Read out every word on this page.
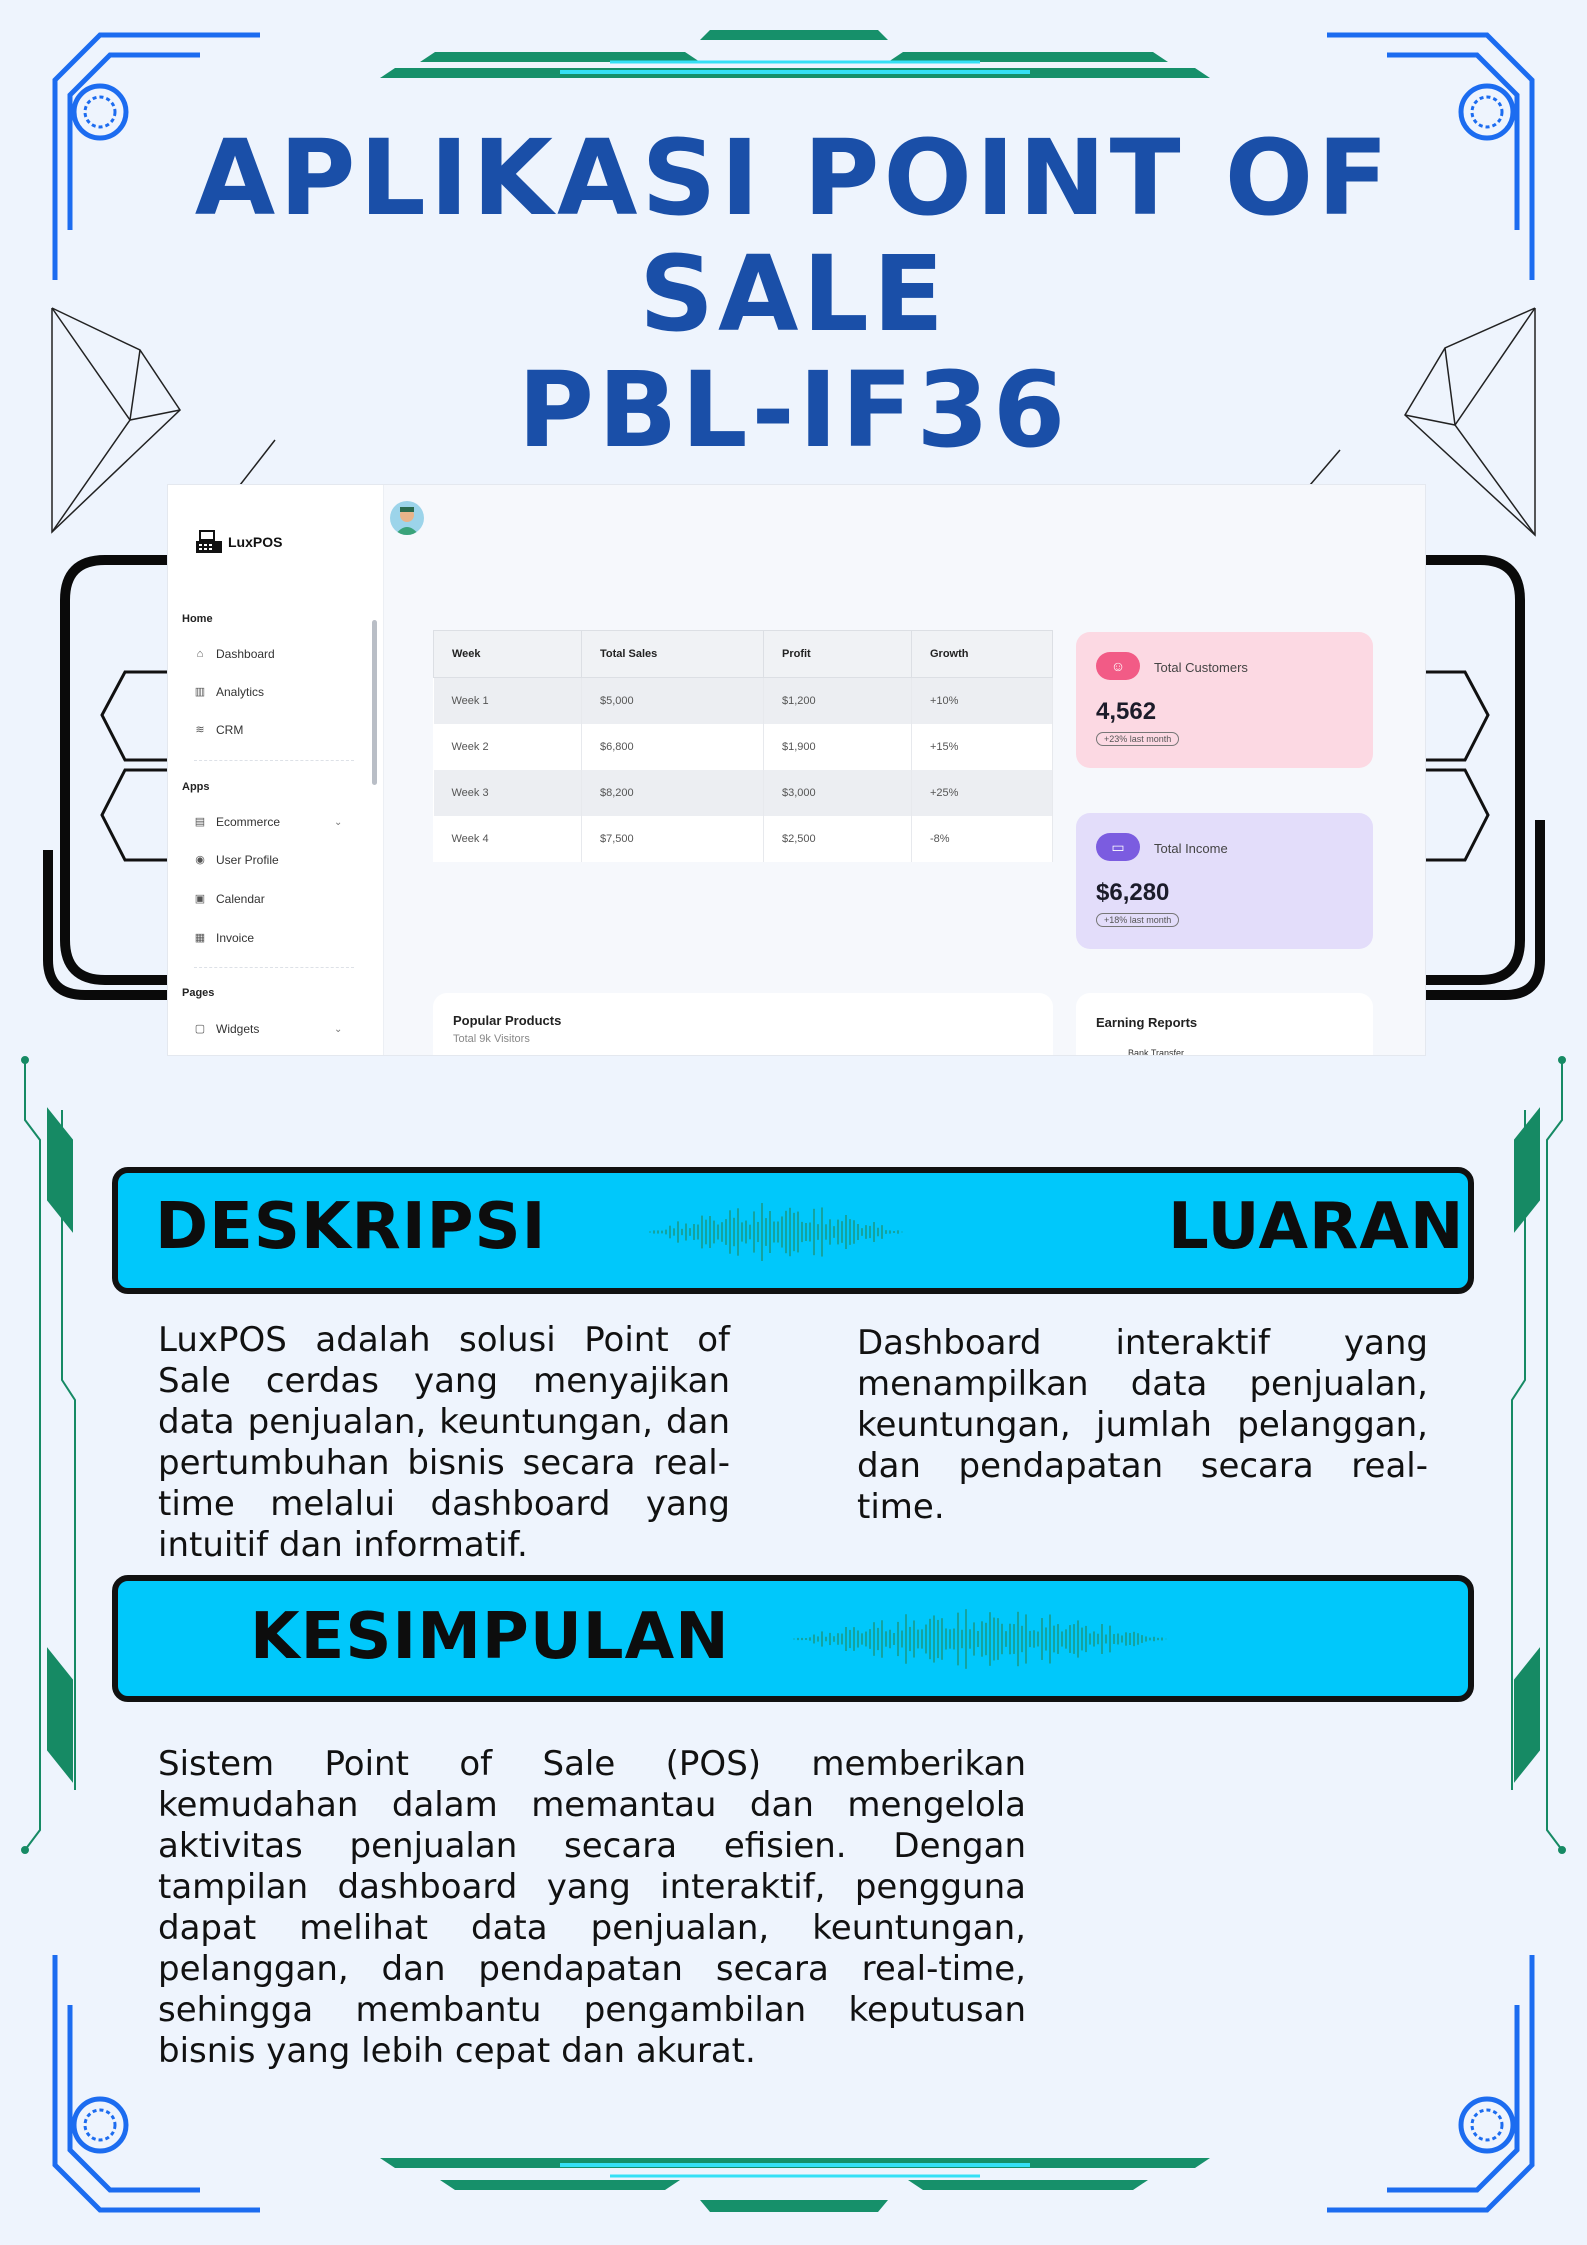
APLIKASI POINT OF
SALE
PBL-IF36
LuxPOS
Home
⌂ Dashboard
▥ Analytics
≋ CRM
Apps
▤ Ecommerce	⌄
◉ User Profile
▣ Calendar
▦ Invoice
Pages
▢ Widgets	⌄
Week	Total Sales	Profit	Growth
Week 1	$5,000	$1,200	+10%
Week 2	$6,800	$1,900	+15%
Week 3	$8,200	$3,000	+25%
Week 4	$7,500	$2,500	-8%
☺	Total Customers
4,562
+23% last month
▭	Total Income
$6,280
+18% last month
Popular Products
Total 9k Visitors
Earning Reports
Bank Transfer
DESKRIPSI	LUARAN

LuxPOS adalah solusi Point of Sale cerdas yang menyajikan data penjualan, keuntungan, dan pertumbuhan bisnis secara real-time melalui dashboard yang intuitif dan informatif.

Dashboard interaktif yang menampilkan data penjualan, keuntungan, jumlah pelanggan, dan pendapatan secara real-time.

KESIMPULAN

Sistem Point of Sale (POS) memberikan kemudahan dalam memantau dan mengelola aktivitas penjualan secara efisien. Dengan tampilan dashboard yang interaktif, pengguna dapat melihat data penjualan, keuntungan, pelanggan, dan pendapatan secara real-time, sehingga membantu pengambilan keputusan bisnis yang lebih cepat dan akurat.
